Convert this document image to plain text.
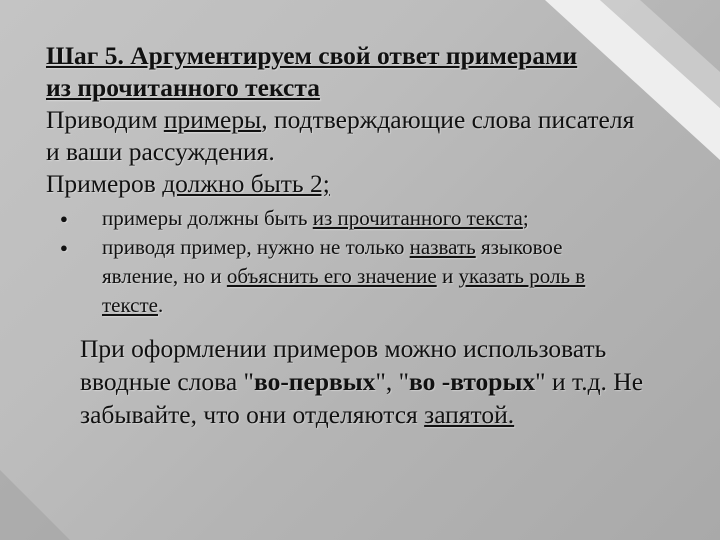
Шаг 5. Аргументируем свой ответ примерами
из прочитанного текста

Приводим примеры, подтверждающие слова писателя и ваши рассуждения.

Примеров должно быть 2;

● примеры должны быть из прочитанного текста;
● приводя пример, нужно не только назвать языковое явление, но и объяснить его значение и указать роль в тексте.

При оформлении примеров можно использовать вводные слова "во-первых", "во -вторых" и т.д. Не забывайте, что они отделяются запятой.
